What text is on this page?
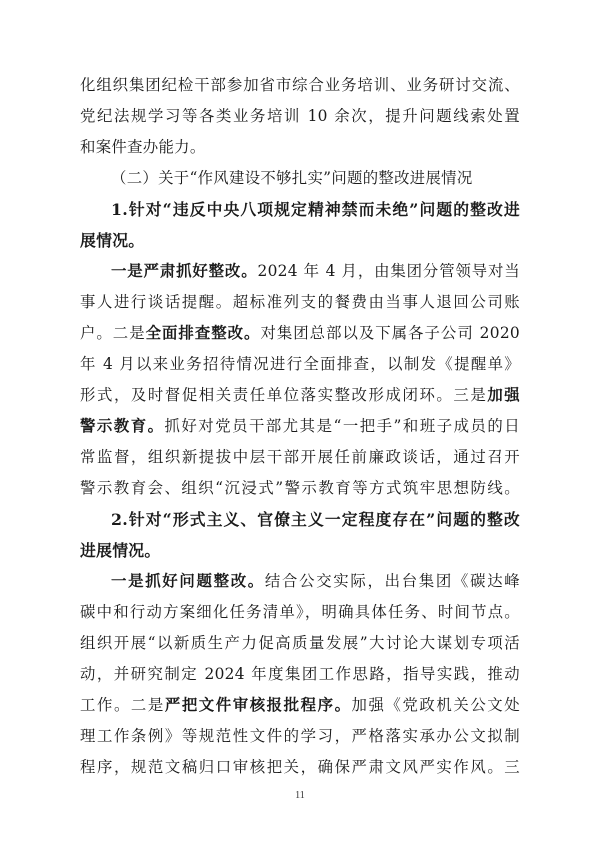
化组织集团纪检干部参加省市综合业务培训、业务研讨交流、
党纪法规学习等各类业务培训 10 余次，提升问题线索处置
和案件查办能力。
（二）关于“作风建设不够扎实”问题的整改进展情况
1.针对“违反中央八项规定精神禁而未绝”问题的整改进
展情况。
一是严肃抓好整改。2024 年 4 月，由集团分管领导对当
事人进行谈话提醒。超标准列支的餐费由当事人退回公司账
户。二是全面排查整改。对集团总部以及下属各子公司 2020
年 4 月以来业务招待情况进行全面排查，以制发《提醒单》
形式，及时督促相关责任单位落实整改形成闭环。三是加强
警示教育。抓好对党员干部尤其是“一把手”和班子成员的日
常监督，组织新提拔中层干部开展任前廉政谈话，通过召开
警示教育会、组织“沉浸式”警示教育等方式筑牢思想防线。
2.针对“形式主义、官僚主义一定程度存在”问题的整改
进展情况。
一是抓好问题整改。结合公交实际，出台集团《碳达峰
碳中和行动方案细化任务清单》，明确具体任务、时间节点。
组织开展“以新质生产力促高质量发展”大讨论大谋划专项活
动，并研究制定 2024 年度集团工作思路，指导实践，推动
工作。二是严把文件审核报批程序。加强《党政机关公文处
理工作条例》等规范性文件的学习，严格落实承办公文拟制
程序，规范文稿归口审核把关，确保严肃文风严实作风。三
11
